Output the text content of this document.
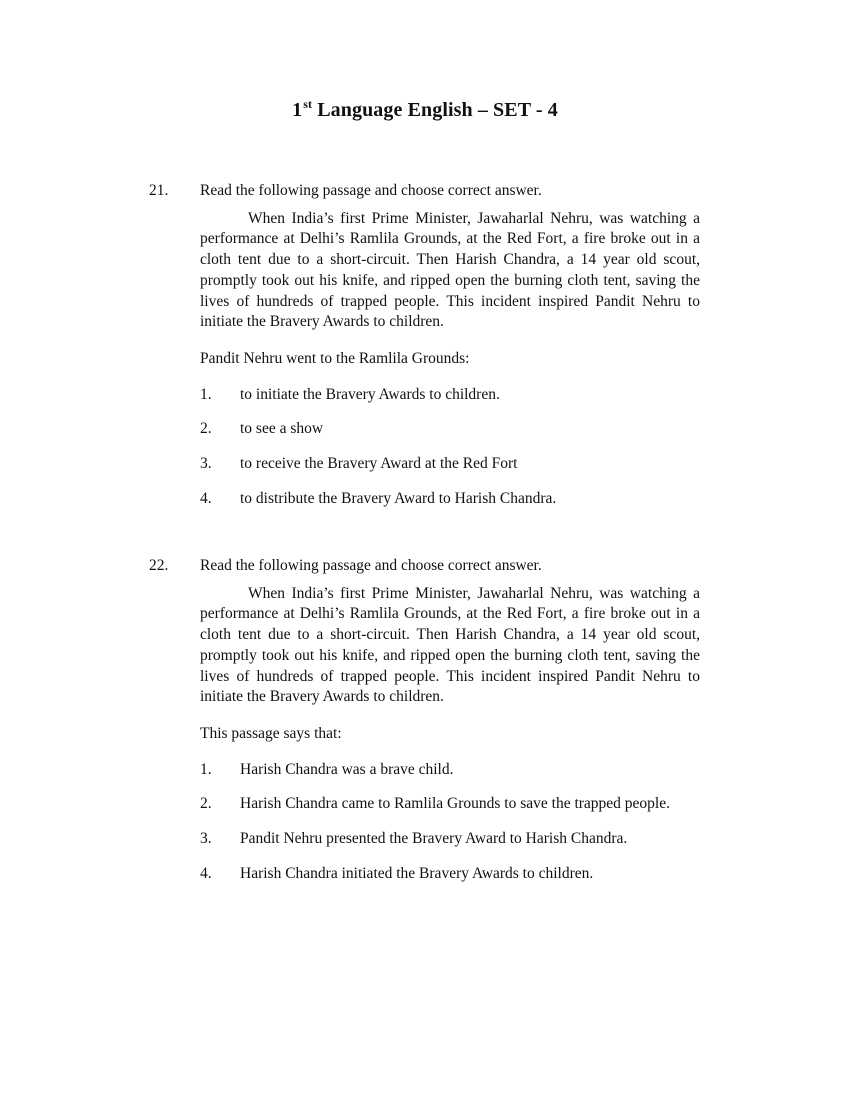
1st Language English – SET - 4
21.	Read the following passage and choose correct answer.

When India’s first Prime Minister, Jawaharlal Nehru, was watching a performance at Delhi’s Ramlila Grounds, at the Red Fort, a fire broke out in a cloth tent due to a short-circuit. Then Harish Chandra, a 14 year old scout, promptly took out his knife, and ripped open the burning cloth tent, saving the lives of hundreds of trapped people. This incident inspired Pandit Nehru to initiate the Bravery Awards to children.

Pandit Nehru went to the Ramlila Grounds:

1. to initiate the Bravery Awards to children.
2. to see a show
3. to receive the Bravery Award at the Red Fort
4. to distribute the Bravery Award to Harish Chandra.
22.	Read the following passage and choose correct answer.

When India’s first Prime Minister, Jawaharlal Nehru, was watching a performance at Delhi’s Ramlila Grounds, at the Red Fort, a fire broke out in a cloth tent due to a short-circuit. Then Harish Chandra, a 14 year old scout, promptly took out his knife, and ripped open the burning cloth tent, saving the lives of hundreds of trapped people. This incident inspired Pandit Nehru to initiate the Bravery Awards to children.

This passage says that:

1. Harish Chandra was a brave child.
2. Harish Chandra came to Ramlila Grounds to save the trapped people.
3. Pandit Nehru presented the Bravery Award to Harish Chandra.
4. Harish Chandra initiated the Bravery Awards to children.
